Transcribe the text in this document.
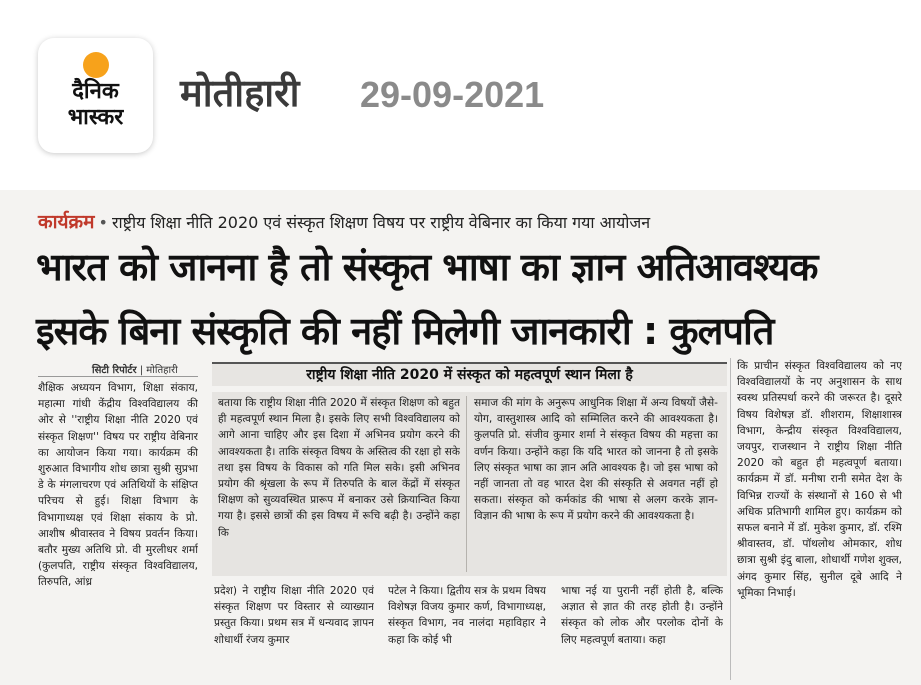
दैनिक
भास्कर
मोतीहारी 29-09-2021
कार्यक्रम • राष्ट्रीय शिक्षा नीति 2020 एवं संस्कृत शिक्षण विषय पर राष्ट्रीय वेबिनार का किया गया आयोजन
भारत को जानना है तो संस्कृत भाषा का ज्ञान अतिआवश्यक
इसके बिना संस्कृति की नहीं मिलेगी जानकारी : कुलपति
सिटी रिपोर्टर | मोतिहारी

शैक्षिक अध्ययन विभाग, शिक्षा संकाय, महात्मा गांधी केंद्रीय विश्वविद्यालय की ओर से ''राष्ट्रीय शिक्षा नीति 2020 एवं संस्कृत शिक्षण'' विषय पर राष्ट्रीय वेबिनार का आयोजन किया गया। कार्यक्रम की शुरुआत विभागीय शोध छात्रा सुश्री सुप्रभा डे के मंगलाचरण एवं अतिथियों के संक्षिप्त परिचय से हुई। शिक्षा विभाग के विभागाध्यक्ष एवं शिक्षा संकाय के प्रो. आशीष श्रीवास्तव ने विषय प्रवर्तन किया। बतौर मुख्य अतिथि प्रो. वी मुरलीधर शर्मा (कुलपति, राष्ट्रीय संस्कृत विश्वविद्यालय, तिरुपति, आंध्र

राष्ट्रीय शिक्षा नीति 2020 में संस्कृत को महत्वपूर्ण स्थान मिला है

बताया कि राष्ट्रीय शिक्षा नीति 2020 में संस्कृत शिक्षण को बहुत ही महत्वपूर्ण स्थान मिला है। इसके लिए सभी विश्वविद्यालय को आगे आना चाहिए और इस दिशा में अभिनव प्रयोग करने की आवश्यकता है। ताकि संस्कृत विषय के अस्तित्व की रक्षा हो सके तथा इस विषय के विकास को गति मिल सके। इसी अभिनव प्रयोग की श्रृंखला के रूप में तिरुपति के बाल केंद्रों में संस्कृत शिक्षण को सुव्यवस्थित प्रारूप में बनाकर उसे क्रियान्वित किया गया है। इससे छात्रों की इस विषय में रूचि बढ़ी है। उन्होंने कहा कि

समाज की मांग के अनुरूप आधुनिक शिक्षा में अन्य विषयों जैसे- योग, वास्तुशास्त्र आदि को सम्मिलित करने की आवश्यकता है। कुलपति प्रो. संजीव कुमार शर्मा ने संस्कृत विषय की महत्ता का वर्णन किया। उन्होंने कहा कि यदि भारत को जानना है तो इसके लिए संस्कृत भाषा का ज्ञान अति आवश्यक है। जो इस भाषा को नहीं जानता तो वह भारत देश की संस्कृति से अवगत नहीं हो सकता। संस्कृत को कर्मकांड की भाषा से अलग करके ज्ञान-विज्ञान की भाषा के रूप में प्रयोग करने की आवश्यकता है।

प्रदेश) ने राष्ट्रीय शिक्षा नीति 2020 एवं संस्कृत शिक्षण पर विस्तार से व्याख्यान प्रस्तुत किया। प्रथम सत्र में धन्यवाद ज्ञापन शोधार्थी रंजय कुमार

पटेल ने किया। द्वितीय सत्र के प्रथम विषय विशेषज्ञ विजय कुमार कर्ण, विभागाध्यक्ष, संस्कृत विभाग, नव नालंदा महाविहार ने कहा कि कोई भी

भाषा नई या पुरानी नहीं होती है, बल्कि अज्ञात से ज्ञात की तरह होती है। उन्होंने संस्कृत को लोक और परलोक दोनों के लिए महत्वपूर्ण बताया। कहा

कि प्राचीन संस्कृत विश्वविद्यालय को नए विश्वविद्यालयों के नए अनुशासन के साथ स्वस्थ प्रतिस्पर्धा करने की जरूरत है। दूसरे विषय विशेषज्ञ डॉ. शीशराम, शिक्षाशास्त्र विभाग, केन्द्रीय संस्कृत विश्वविद्यालय, जयपुर, राजस्थान ने राष्ट्रीय शिक्षा नीति 2020 को बहुत ही महत्वपूर्ण बताया। कार्यक्रम में डॉ. मनीषा रानी समेत देश के विभिन्न राज्यों के संस्थानों से 160 से भी अधिक प्रतिभागी शामिल हुए। कार्यक्रम को सफल बनाने में डॉ. मुकेश कुमार, डॉ. रश्मि श्रीवास्तव, डॉ. पॉथलोथ ओमकार, शोध छात्रा सुश्री इंदु बाला, शोधार्थी गणेश शुक्ल, अंगद कुमार सिंह, सुनील दूबे आदि ने भूमिका निभाई।
